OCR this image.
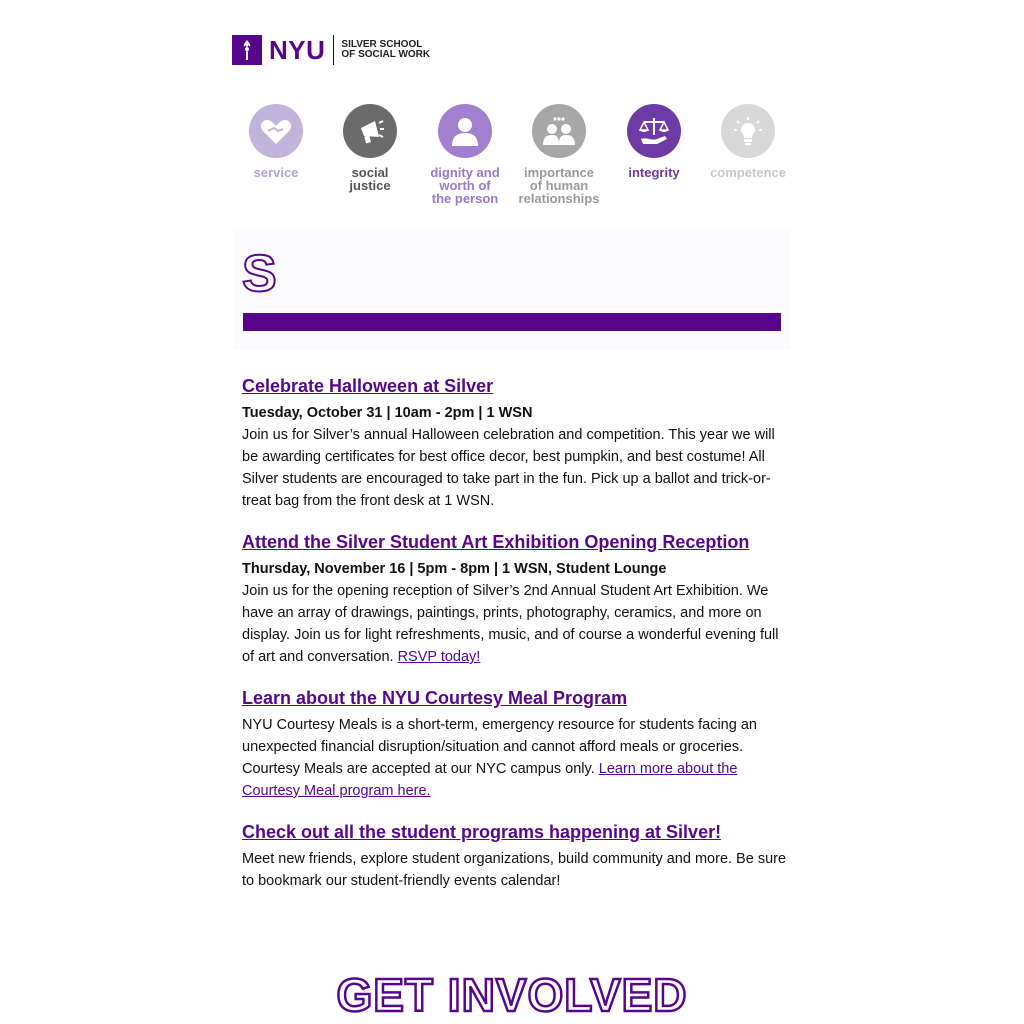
NYU SILVER SCHOOL
OF SOCIAL WORK
service	social
justice
dignity and
worth of
the person
importance
of human
relationships
integrity	competence
S
Celebrate Halloween at Silver
Tuesday, October 31 | 10am - 2pm | 1 WSN
Join us for Silver’s annual Halloween celebration and competition. This year we will be awarding certificates for best office decor, best pumpkin, and best costume! All Silver students are encouraged to take part in the fun. Pick up a ballot and trick-or-treat bag from the front desk at 1 WSN.
Attend the Silver Student Art Exhibition Opening Reception
Thursday, November 16 | 5pm - 8pm | 1 WSN, Student Lounge
Join us for the opening reception of Silver’s 2nd Annual Student Art Exhibition. We have an array of drawings, paintings, prints, photography, ceramics, and more on display. Join us for light refreshments, music, and of course a wonderful evening full of art and conversation. RSVP today!
Learn about the NYU Courtesy Meal Program
NYU Courtesy Meals is a short-term, emergency resource for students facing an unexpected financial disruption/situation and cannot afford meals or groceries. Courtesy Meals are accepted at our NYC campus only. Learn more about the Courtesy Meal program here.
Check out all the student programs happening at Silver!
Meet new friends, explore student organizations, build community and more. Be sure to bookmark our student-friendly events calendar!
GET INVOLVED
